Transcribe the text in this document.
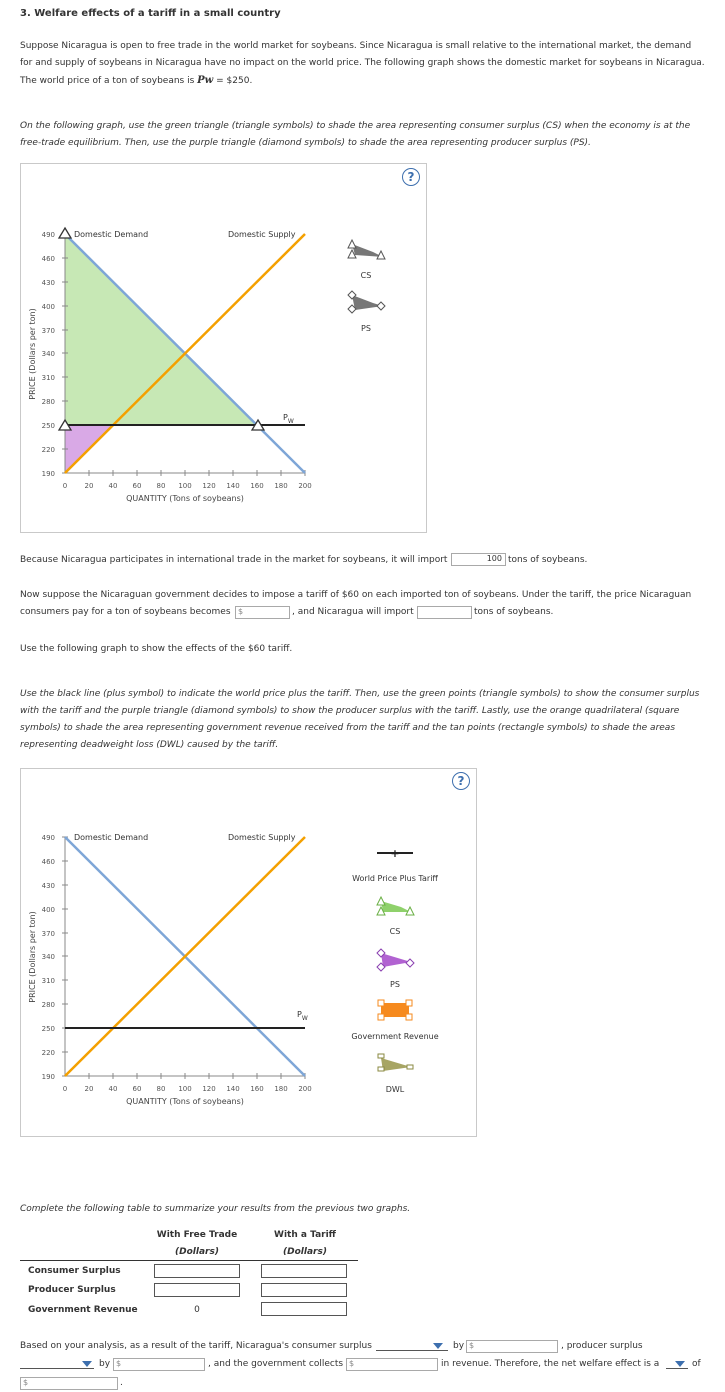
3. Welfare effects of a tariff in a small country
Suppose Nicaragua is open to free trade in the world market for soybeans. Since Nicaragua is small relative to the international market, the demand
for and supply of soybeans in Nicaragua have no impact on the world price. The following graph shows the domestic market for soybeans in Nicaragua.
The world price of a ton of soybeans is Pw = $250.
On the following graph, use the green triangle (triangle symbols) to shade the area representing consumer surplus (CS) when the economy is at the
free-trade equilibrium. Then, use the purple triangle (diamond symbols) to shade the area representing producer surplus (PS).
?
490
460
430
400
370
340
310
280
250
220
190
0 20 40 60 80 100 120 140 160 180 200
QUANTITY (Tons of soybeans)
PRICE (Dollars per ton)
Domestic Demand	Domestic Supply
$P_W$
CS
PS
Because Nicaragua participates in international trade in the market for soybeans, it will import	100 tons of soybeans.
Now suppose the Nicaraguan government decides to impose a tariff of $60 on each imported ton of soybeans. Under the tariff, the price Nicaraguan
consumers pay for a ton of soybeans becomes $	, and Nicaragua will import	tons of soybeans.
Use the following graph to show the effects of the $60 tariff.
Use the black line (plus symbol) to indicate the world price plus the tariff. Then, use the green points (triangle symbols) to show the consumer surplus
with the tariff and the purple triangle (diamond symbols) to show the producer surplus with the tariff. Lastly, use the orange quadrilateral (square
symbols) to shade the area representing government revenue received from the tariff and the tan points (rectangle symbols) to shade the areas
representing deadweight loss (DWL) caused by the tariff.
?
490
460
430
400
370
340
310
280
250
220
190
0 20 40 60 80 100 120 140 160 180 200
QUANTITY (Tons of soybeans)
PRICE (Dollars per ton)
Domestic Demand	Domestic Supply
$P_W$
+
World Price Plus Tariff
CS
PS
Government Revenue
DWL
Complete the following table to summarize your results from the previous two graphs.
With Free Trade
(Dollars)
With a Tariff
(Dollars)
Consumer Surplus
Producer Surplus
Government Revenue	0
Based on your analysis, as a result of the tariff, Nicaragua's consumer surplus	by $	, producer surplus
by $	, and the government collects $	in revenue. Therefore, the net welfare effect is a	of
$	.
